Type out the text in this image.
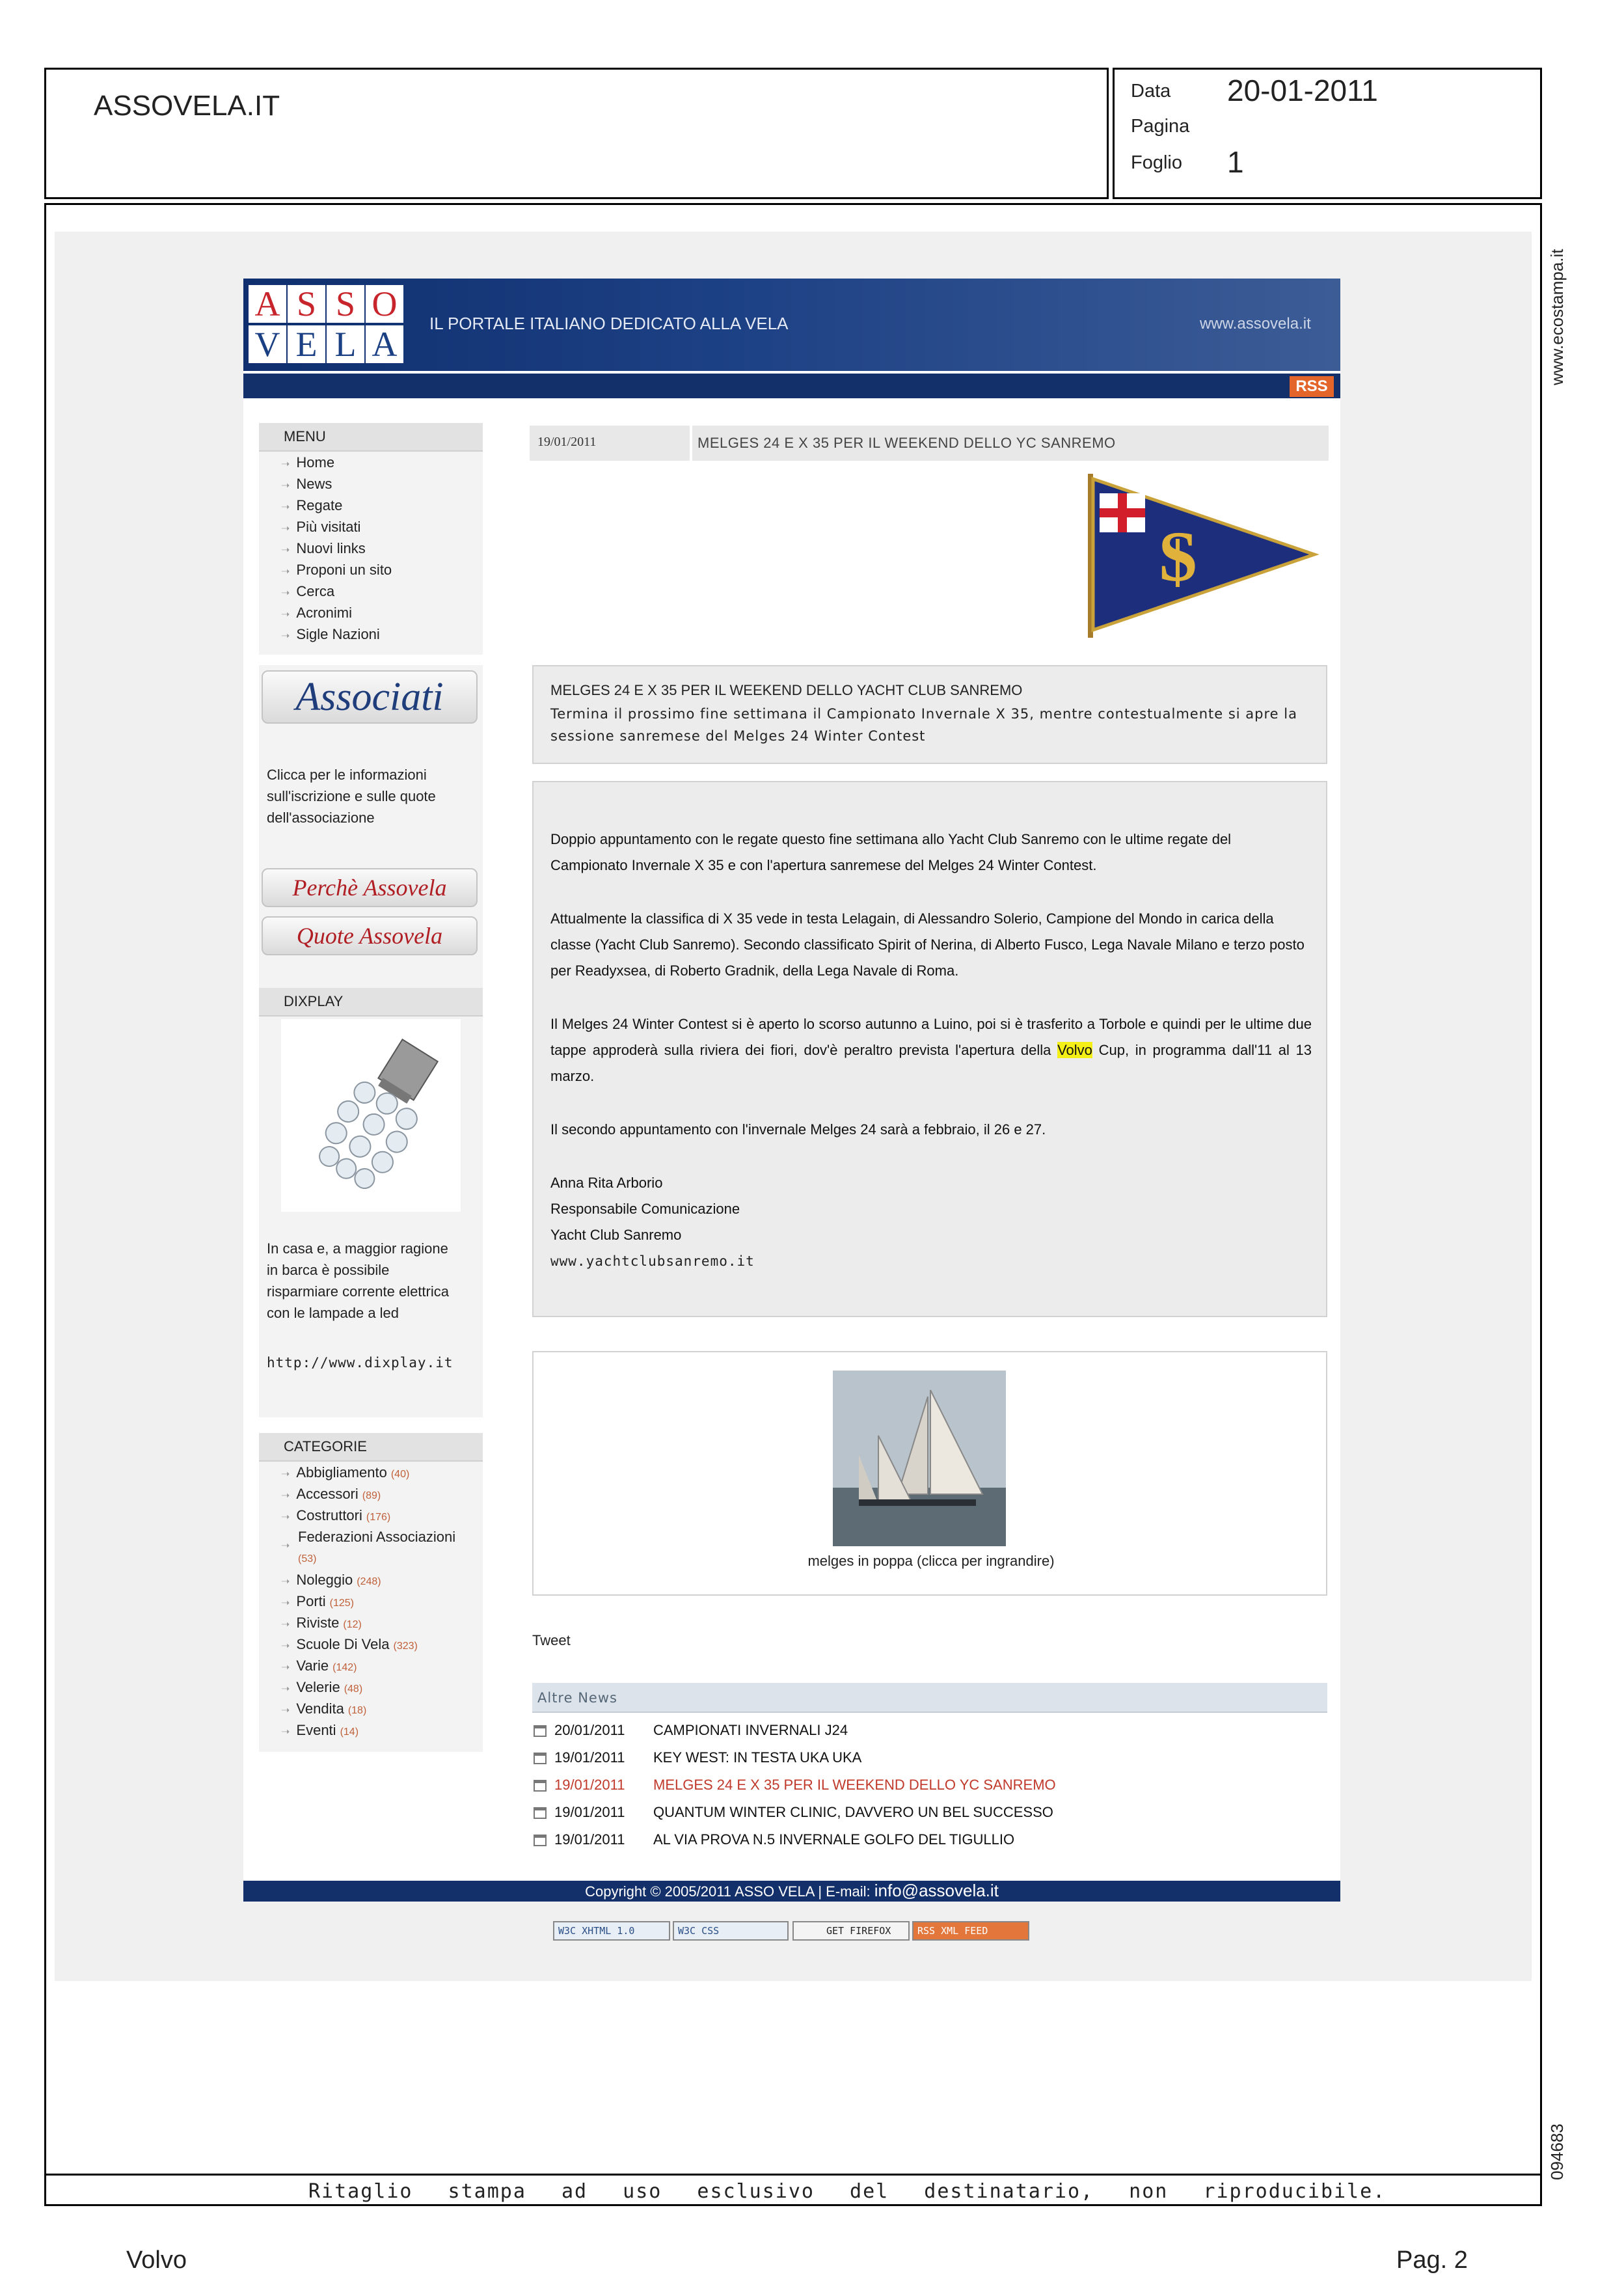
ASSOVELA.IT	Data 20-01-2011
Pagina
Foglio 1
Ritaglio stampa ad uso esclusivo del destinatario, non riproducibile.
www.ecostampa.it
094683
Volvo	Pag. 2
A S S O
V E L A
IL PORTALE ITALIANO DEDICATO ALLA VELA	www.assovela.it
RSS
MENU
➝ Home
➝ News
➝ Regate
➝ Più visitati
➝ Nuovi links
➝ Proponi un sito
➝ Cerca
➝ Acronimi
➝ Sigle Nazioni
Associati
Clicca per le informazioni
sull'iscrizione e sulle quote
dell'associazione
Perchè Assovela
Quote Assovela
DIXPLAY
In casa e, a maggior ragione
in barca è possibile
risparmiare corrente elettrica
con le lampade a led
http://www.dixplay.it
CATEGORIE
➝ Abbigliamento (40)
➝ Accessori (89)
➝ Costruttori (176)
➝
Federazioni Associazioni
(53)
➝ Noleggio (248)
➝ Porti (125)
➝ Riviste (12)
➝ Scuole Di Vela (323)
➝ Varie (142)
➝ Velerie (48)
➝ Vendita (18)
➝ Eventi (14)
19/01/2011	MELGES 24 E X 35 PER IL WEEKEND DELLO YC SANREMO
S
MELGES 24 E X 35 PER IL WEEKEND DELLO YACHT CLUB SANREMO
Termina il prossimo fine settimana il Campionato Invernale X 35, mentre contestualmente si apre la sessione sanremese del Melges 24 Winter Contest
Doppio appuntamento con le regate questo fine settimana allo Yacht Club Sanremo con le ultime regate del Campionato Invernale X 35 e con l'apertura sanremese del Melges 24 Winter Contest.
Attualmente la classifica di X 35 vede in testa Lelagain, di Alessandro Solerio, Campione del Mondo in carica della classe (Yacht Club Sanremo). Secondo classificato Spirit of Nerina, di Alberto Fusco, Lega Navale Milano e terzo posto per Readyxsea, di Roberto Gradnik, della Lega Navale di Roma.
Il Melges 24 Winter Contest si è aperto lo scorso autunno a Luino, poi si è trasferito a Torbole e quindi per le ultime due tappe approderà sulla riviera dei fiori, dov'è peraltro prevista l'apertura della Volvo Cup, in programma dall'11 al 13 marzo.
Il secondo appuntamento con l'invernale Melges 24 sarà a febbraio, il 26 e 27.
Anna Rita Arborio
Responsabile Comunicazione
Yacht Club Sanremo
www.yachtclubsanremo.it
melges in poppa (clicca per ingrandire)
Tweet
Altre News
20/01/2011 CAMPIONATI INVERNALI J24
19/01/2011 KEY WEST: IN TESTA UKA UKA
19/01/2011 MELGES 24 E X 35 PER IL WEEKEND DELLO YC SANREMO
19/01/2011 QUANTUM WINTER CLINIC, DAVVERO UN BEL SUCCESSO
19/01/2011 AL VIA PROVA N.5 INVERNALE GOLFO DEL TIGULLIO
Copyright © 2005/2011 ASSO VELA | E-mail: info@assovela.it
W3C XHTML 1.0	W3C CSS	GET FIREFOX	RSS XML FEED
